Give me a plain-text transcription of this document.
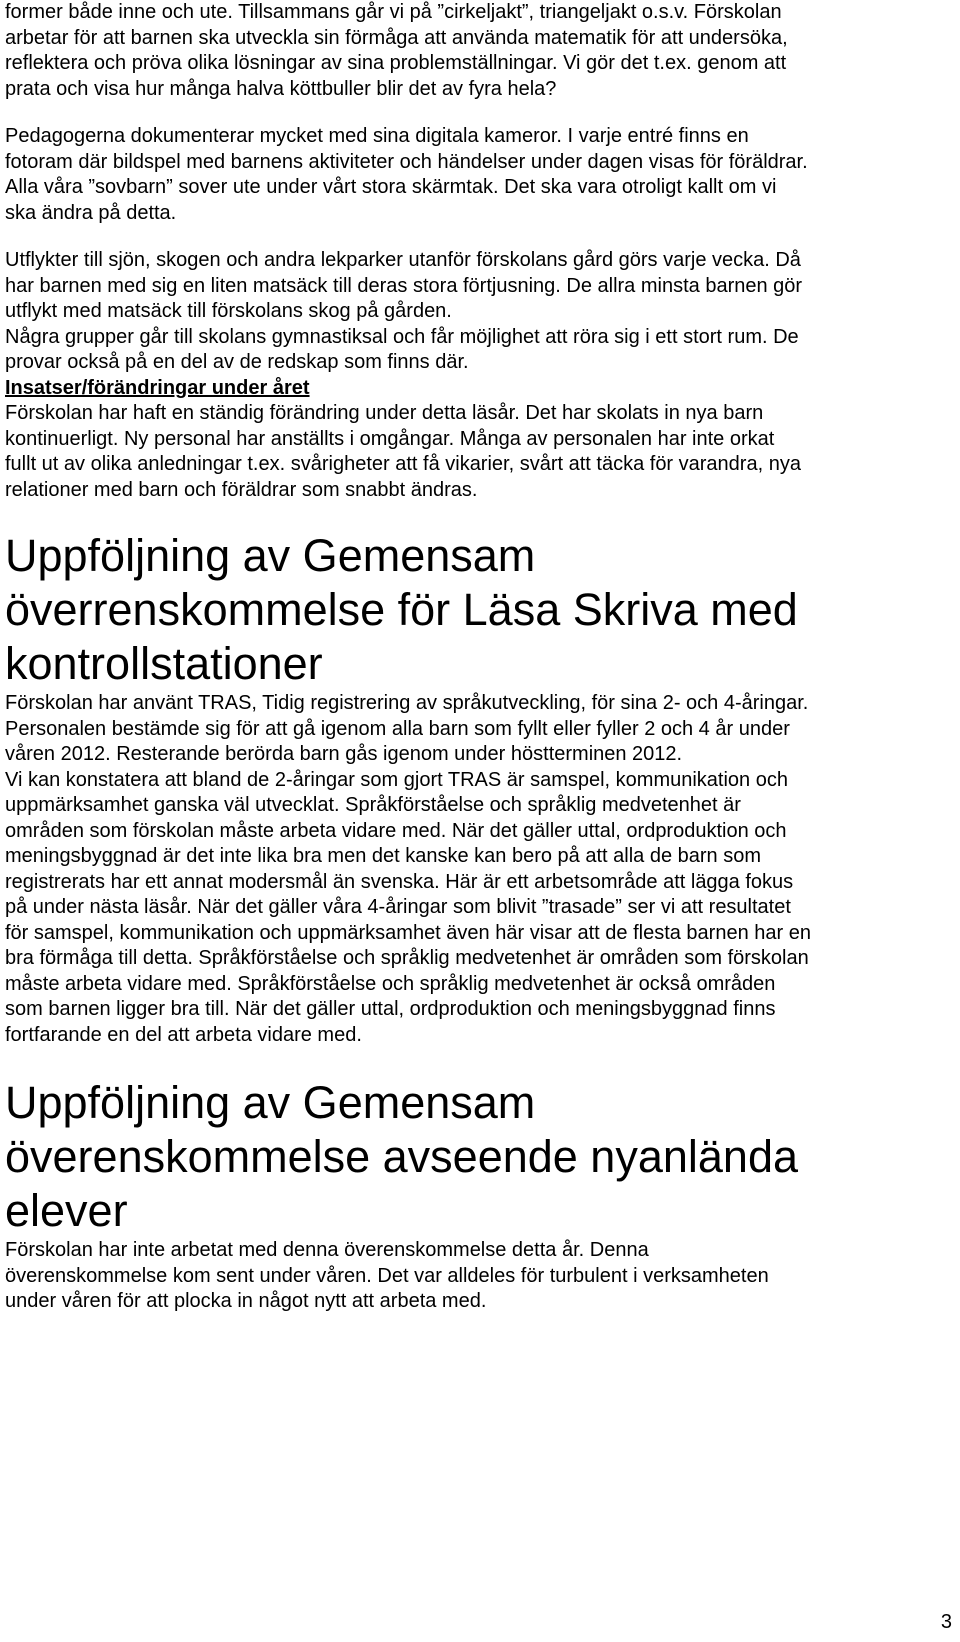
former både inne och ute. Tillsammans går vi på ”cirkeljakt”, triangeljakt o.s.v. Förskolan
arbetar för att barnen ska utveckla sin förmåga att använda matematik för att undersöka,
reflektera och pröva olika lösningar av sina problemställningar. Vi gör det t.ex. genom att
prata och visa hur många halva köttbuller blir det av fyra hela?

Pedagogerna dokumenterar mycket med sina digitala kameror. I varje entré finns en
fotoram där bildspel med barnens aktiviteter och händelser under dagen visas för föräldrar.
Alla våra ”sovbarn” sover ute under vårt stora skärmtak. Det ska vara otroligt kallt om vi
ska ändra på detta.

Utflykter till sjön, skogen och andra lekparker utanför förskolans gård görs varje vecka. Då
har barnen med sig en liten matsäck till deras stora förtjusning. De allra minsta barnen gör
utflykt med matsäck till förskolans skog på gården.
Några grupper går till skolans gymnastiksal och får möjlighet att röra sig i ett stort rum. De
provar också på en del av de redskap som finns där.

Insatser/förändringar under året

Förskolan har haft en ständig förändring under detta läsår. Det har skolats in nya barn
kontinuerligt. Ny personal har anställts i omgångar. Många av personalen har inte orkat
fullt ut av olika anledningar t.ex. svårigheter att få vikarier, svårt att täcka för varandra, nya
relationer med barn och föräldrar som snabbt ändras.

Uppföljning av Gemensam
överrenskommelse för Läsa Skriva med
kontrollstationer

Förskolan har använt TRAS, Tidig registrering av språkutveckling, för sina 2- och 4-åringar.
Personalen bestämde sig för att gå igenom alla barn som fyllt eller fyller 2 och 4 år under
våren 2012. Resterande berörda barn gås igenom under höstterminen 2012.
Vi kan konstatera att bland de 2-åringar som gjort TRAS är samspel, kommunikation och
uppmärksamhet ganska väl utvecklat. Språkförståelse och språklig medvetenhet är
områden som förskolan måste arbeta vidare med. När det gäller uttal, ordproduktion och
meningsbyggnad är det inte lika bra men det kanske kan bero på att alla de barn som
registrerats har ett annat modersmål än svenska. Här är ett arbetsområde att lägga fokus
på under nästa läsår. När det gäller våra 4-åringar som blivit ”trasade” ser vi att resultatet
för samspel, kommunikation och uppmärksamhet även här visar att de flesta barnen har en
bra förmåga till detta. Språkförståelse och språklig medvetenhet är områden som förskolan
måste arbeta vidare med. Språkförståelse och språklig medvetenhet är också områden
som barnen ligger bra till. När det gäller uttal, ordproduktion och meningsbyggnad finns
fortfarande en del att arbeta vidare med.

Uppföljning av Gemensam
överenskommelse avseende nyanlända
elever

Förskolan har inte arbetat med denna överenskommelse detta år. Denna
överenskommelse kom sent under våren. Det var alldeles för turbulent i verksamheten
under våren för att plocka in något nytt att arbeta med.

3
